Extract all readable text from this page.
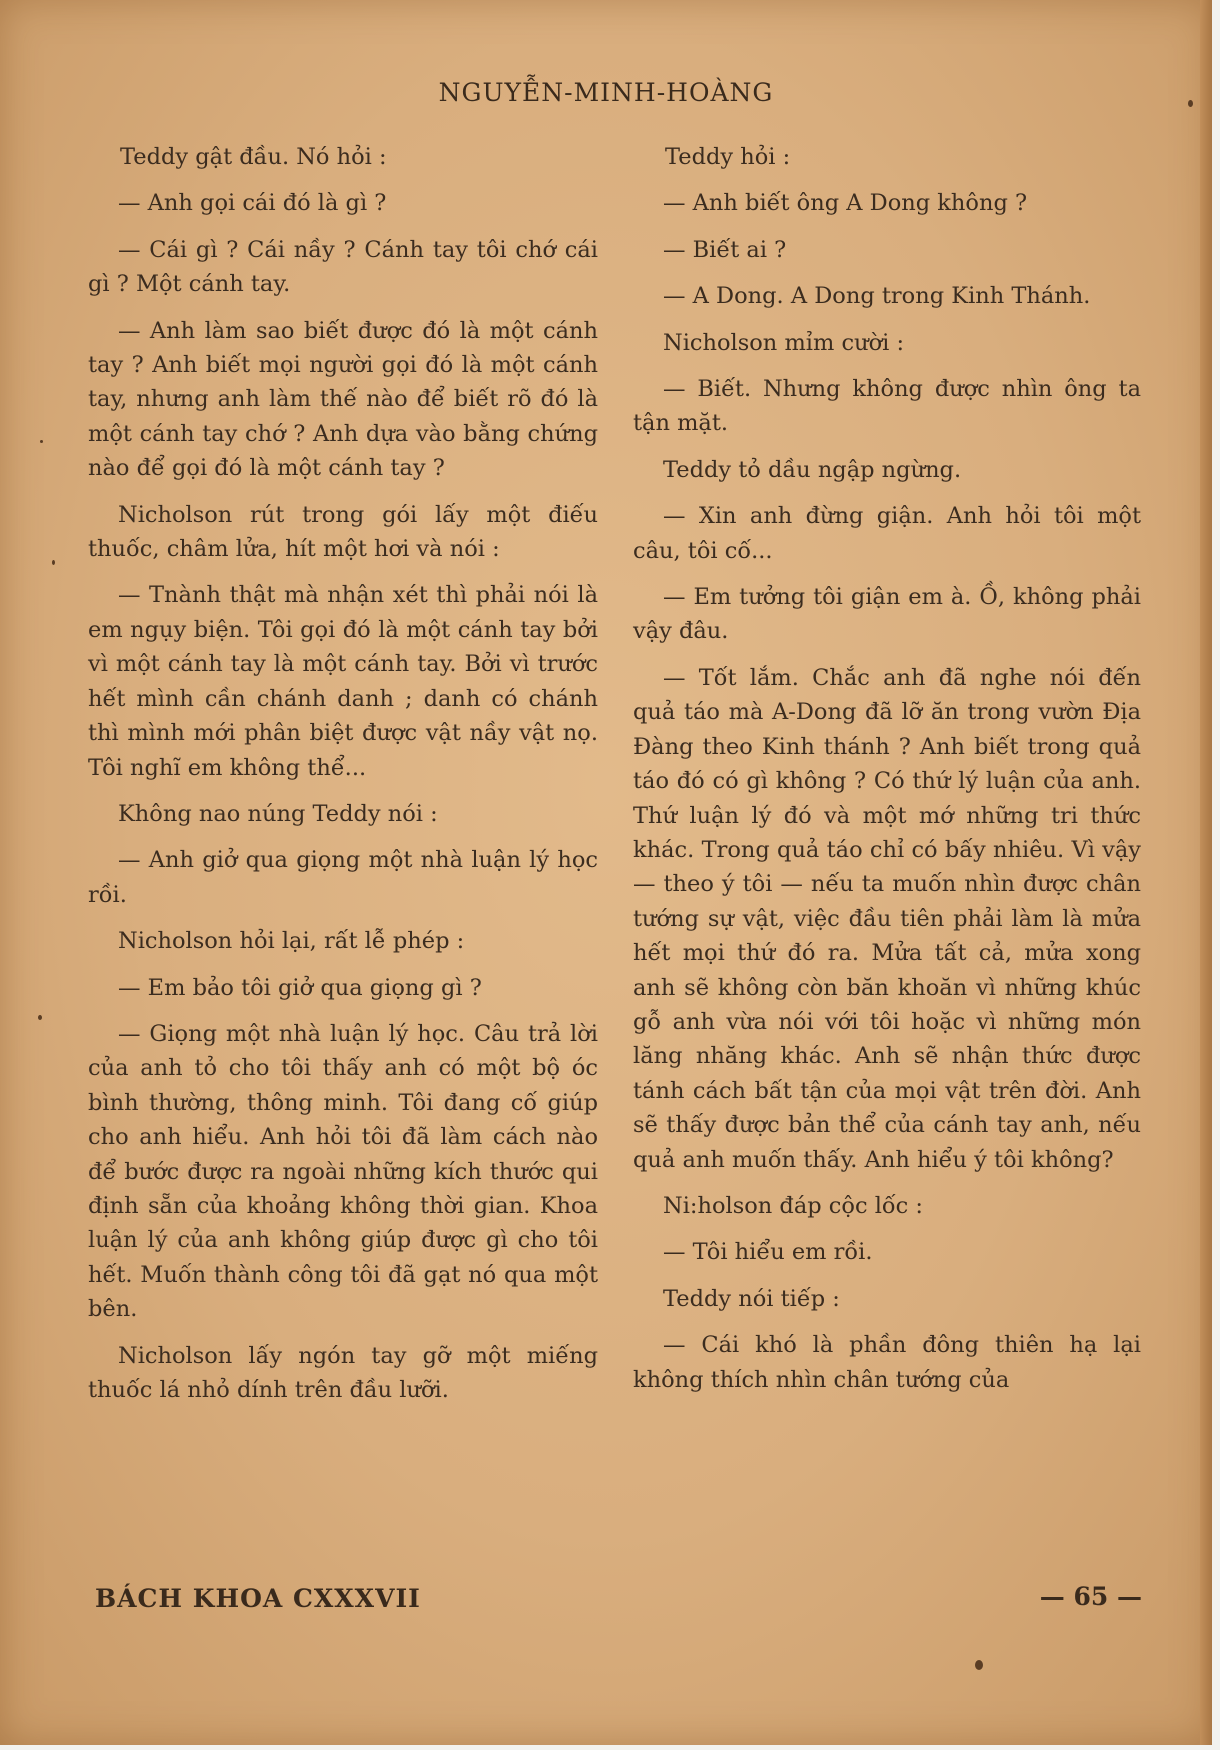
NGUYỄN-MINH-HOÀNG

Teddy gật đầu. Nó hỏi :

— Anh gọi cái đó là gì ?

— Cái gì ? Cái nầy ? Cánh tay tôi chớ cái gì ? Một cánh tay.

— Anh làm sao biết được đó là một cánh tay ? Anh biết mọi người gọi đó là một cánh tay, nhưng anh làm thế nào để biết rõ đó là một cánh tay chớ ? Anh dựa vào bằng chứng nào để gọi đó là một cánh tay ?

Nicholson rút trong gói lấy một điếu thuốc, châm lửa, hít một hơi và nói :

— Tnành thật mà nhận xét thì phải nói là em ngụy biện. Tôi gọi đó là một cánh tay bởi vì một cánh tay là một cánh tay. Bởi vì trước hết mình cần chánh danh ; danh có chánh thì mình mới phân biệt được vật nầy vật nọ. Tôi nghĩ em không thể...

Không nao núng Teddy nói :

— Anh giở qua giọng một nhà luận lý học rồi.

Nicholson hỏi lại, rất lễ phép :

— Em bảo tôi giở qua giọng gì ?

— Giọng một nhà luận lý học. Câu trả lời của anh tỏ cho tôi thấy anh có một bộ óc bình thường, thông minh. Tôi đang cố giúp cho anh hiểu. Anh hỏi tôi đã làm cách nào để bước được ra ngoài những kích thước qui định sẵn của khoảng không thời gian. Khoa luận lý của anh không giúp được gì cho tôi hết. Muốn thành công tôi đã gạt nó qua một bên.

Nicholson lấy ngón tay gỡ một miếng thuốc lá nhỏ dính trên đầu lưỡi.

Teddy hỏi :

— Anh biết ông A Dong không ?

— Biết ai ?

— A Dong. A Dong trong Kinh Thánh.

Nicholson mỉm cười :

— Biết. Nhưng không được nhìn ông ta tận mặt.

Teddy tỏ dầu ngập ngừng.

— Xin anh đừng giận. Anh hỏi tôi một câu, tôi cố...

— Em tưởng tôi giận em à. Ồ, không phải vậy đâu.

— Tốt lắm. Chắc anh đã nghe nói đến quả táo mà A-Dong đã lỡ ăn trong vườn Địa Đàng theo Kinh thánh ? Anh biết trong quả táo đó có gì không ? Có thứ lý luận của anh. Thứ luận lý đó và một mớ những tri thức khác. Trong quả táo chỉ có bấy nhiêu. Vì vậy — theo ý tôi — nếu ta muốn nhìn được chân tướng sự vật, việc đầu tiên phải làm là mửa hết mọi thứ đó ra. Mửa tất cả, mửa xong anh sẽ không còn băn khoăn vì những khúc gỗ anh vừa nói với tôi hoặc vì những món lăng nhăng khác. Anh sẽ nhận thức được tánh cách bất tận của mọi vật trên đời. Anh sẽ thấy được bản thể của cánh tay anh, nếu quả anh muốn thấy. Anh hiểu ý tôi không?

Ni:holson đáp cộc lốc :

— Tôi hiểu em rồi.

Teddy nói tiếp :

— Cái khó là phần đông thiên hạ lại không thích nhìn chân tướng của

BÁCH KHOA CXXXVII	— 65 —
